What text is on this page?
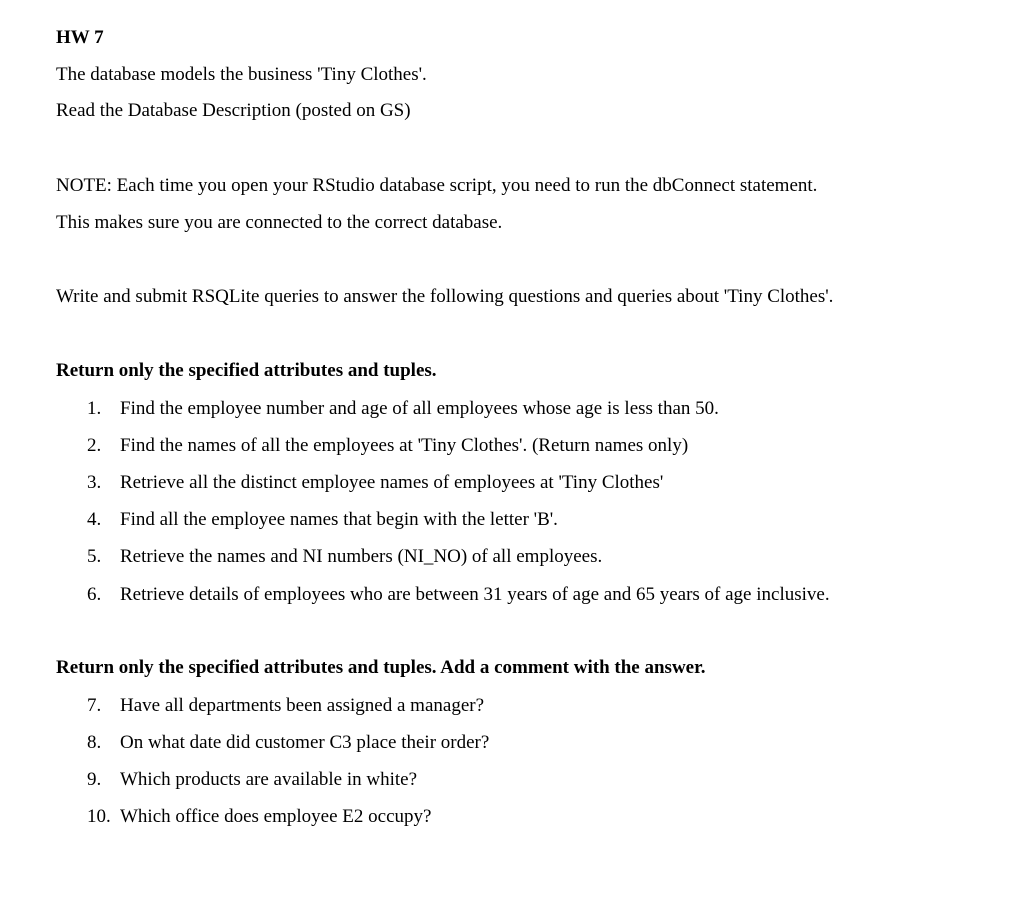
HW 7
The database models the business 'Tiny Clothes'.
Read the Database Description (posted on GS)
NOTE: Each time you open your RStudio database script, you need to run the dbConnect statement.
This makes sure you are connected to the correct database.
Write and submit RSQLite queries to answer the following questions and queries about 'Tiny Clothes'.
Return only the specified attributes and tuples.
1. Find the employee number and age of all employees whose age is less than 50.
2. Find the names of all the employees at 'Tiny Clothes'. (Return names only)
3. Retrieve all the distinct employee names of employees at 'Tiny Clothes'
4. Find all the employee names that begin with the letter 'B'.
5. Retrieve the names and NI numbers (NI_NO) of all employees.
6. Retrieve details of employees who are between 31 years of age and 65 years of age inclusive.
Return only the specified attributes and tuples. Add a comment with the answer.
7. Have all departments been assigned a manager?
8. On what date did customer C3 place their order?
9. Which products are available in white?
10. Which office does employee E2 occupy?
